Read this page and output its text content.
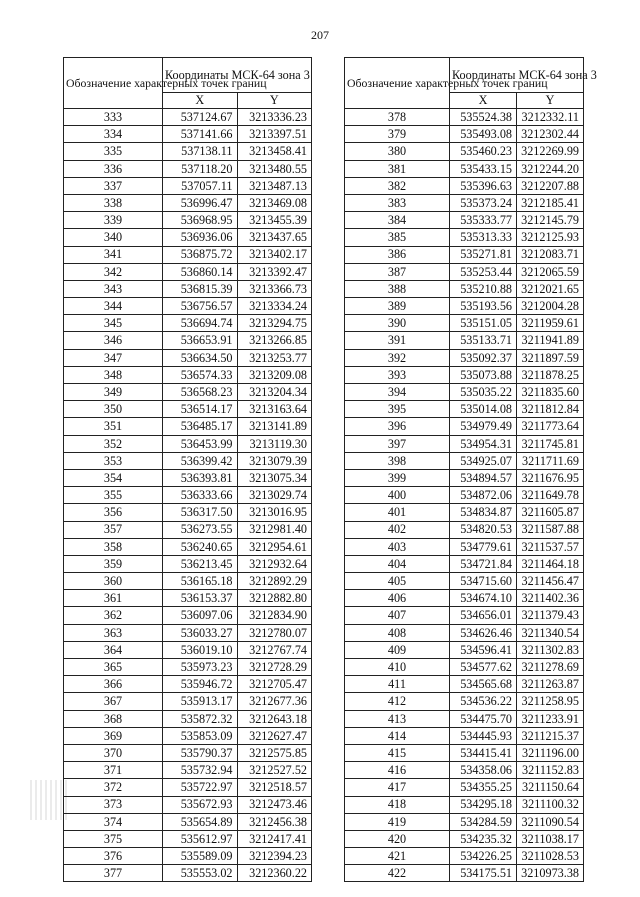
207
Обозначение характерных точек границ	Координаты МСК-64 зона 3	
	X	Y
333	537124.67	3213336.23
334	537141.66	3213397.51
335	537138.11	3213458.41
336	537118.20	3213480.55
337	537057.11	3213487.13
338	536996.47	3213469.08
339	536968.95	3213455.39
340	536936.06	3213437.65
341	536875.72	3213402.17
342	536860.14	3213392.47
343	536815.39	3213366.73
344	536756.57	3213334.24
345	536694.74	3213294.75
346	536653.91	3213266.85
347	536634.50	3213253.77
348	536574.33	3213209.08
349	536568.23	3213204.34
350	536514.17	3213163.64
351	536485.17	3213141.89
352	536453.99	3213119.30
353	536399.42	3213079.39
354	536393.81	3213075.34
355	536333.66	3213029.74
356	536317.50	3213016.95
357	536273.55	3212981.40
358	536240.65	3212954.61
359	536213.45	3212932.64
360	536165.18	3212892.29
361	536153.37	3212882.80
362	536097.06	3212834.90
363	536033.27	3212780.07
364	536019.10	3212767.74
365	535973.23	3212728.29
366	535946.72	3212705.47
367	535913.17	3212677.36
368	535872.32	3212643.18
369	535853.09	3212627.47
370	535790.37	3212575.85
371	535732.94	3212527.52
372	535722.97	3212518.57
373	535672.93	3212473.46
374	535654.89	3212456.38
375	535612.97	3212417.41
376	535589.09	3212394.23
377	535553.02	3212360.22
Обозначение характерных точек границ	Координаты МСК-64 зона 3	
	X	Y
378	535524.38	3212332.11
379	535493.08	3212302.44
380	535460.23	3212269.99
381	535433.15	3212244.20
382	535396.63	3212207.88
383	535373.24	3212185.41
384	535333.77	3212145.79
385	535313.33	3212125.93
386	535271.81	3212083.71
387	535253.44	3212065.59
388	535210.88	3212021.65
389	535193.56	3212004.28
390	535151.05	3211959.61
391	535133.71	3211941.89
392	535092.37	3211897.59
393	535073.88	3211878.25
394	535035.22	3211835.60
395	535014.08	3211812.84
396	534979.49	3211773.64
397	534954.31	3211745.81
398	534925.07	3211711.69
399	534894.57	3211676.95
400	534872.06	3211649.78
401	534834.87	3211605.87
402	534820.53	3211587.88
403	534779.61	3211537.57
404	534721.84	3211464.18
405	534715.60	3211456.47
406	534674.10	3211402.36
407	534656.01	3211379.43
408	534626.46	3211340.54
409	534596.41	3211302.83
410	534577.62	3211278.69
411	534565.68	3211263.87
412	534536.22	3211258.95
413	534475.70	3211233.91
414	534445.93	3211215.37
415	534415.41	3211196.00
416	534358.06	3211152.83
417	534355.25	3211150.64
418	534295.18	3211100.32
419	534284.59	3211090.54
420	534235.32	3211038.17
421	534226.25	3211028.53
422	534175.51	3210973.38
